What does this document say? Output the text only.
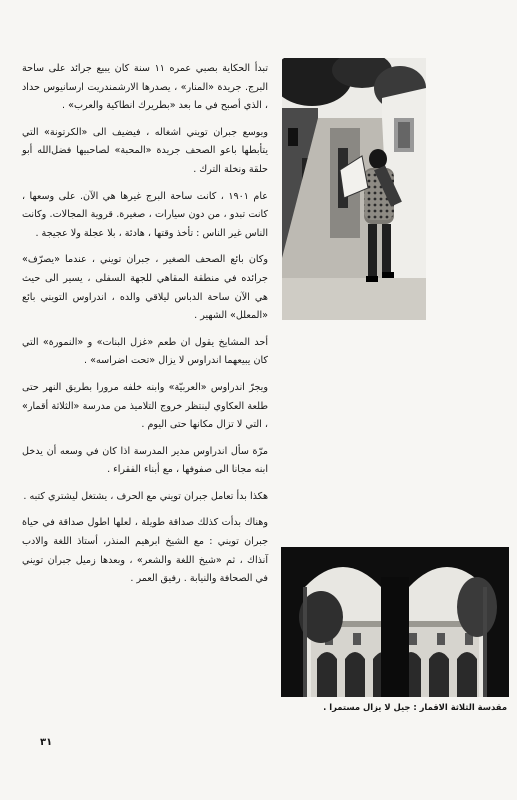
تبدأ الحكاية بصبي عمره ١١ سنة كان يبيع جرائد على ساحة البرج. جريدة «المنار» ، يصدرها الارشمندريت ارسانيوس حداد ، الذي أصبح في ما بعد «بطريرك انطاكية والعرب» .

ويوسع جبران تويني اشغاله ، فيضيف الى «الكرتونة» التي يتأبطها باعو الصحف جريدة «المحبة» لصاحبيها فضل‌الله أبو حلقة ونخلة الترك .

عام ١٩٠١ ، كانت ساحة البرج غيرها هي الآن. على وسعها ، كانت تبدو ، من دون سيارات ، صغيرة. قروية المجالات. وكانت الناس غير الناس : تأخذ وقتها ، هادئة ، بلا عجلة ولا عجيجة .

وكان بائع الصحف الصغير ، جبران تويني ، عندما «يصرّف» جرائده في منطقة المقاهي للجهة السفلى ، يسير الى حيث هي الآن ساحة الدباس ليلاقي والده ، اندراوس التويني بائع «المعلل» الشهير .

أحد المشايخ يقول ان طعم «غزل البنات» و «النمورة» التي كان يبيعهما اندراوس لا يزال «تحت اضراسه» .

ويجرّ اندراوس «العربيّة» وابنه خلفه مرورا بطريق النهر حتى طلعة العكاوي لينتظر خروج التلاميذ من مدرسة «الثلاثة أقمار» ، التي لا تزال مكانها حتى اليوم .

مرّة سأل اندراوس مدير المدرسة اذا كان في وسعه أن يدخل ابنه مجانا الى صفوفها ، مع أبناء الفقراء .

هكذا بدأ تعامل جبران تويني مع الحرف ، يشتغل ليشتري كتبه .

وهناك بدأت كذلك صداقة طويلة ، لعلها اطول صداقة في حياة جبران تويني : مع الشيخ ابرهيم المنذر، أستاذ اللغة والادب آنذاك ، ثم «شيخ اللغة والشعر» ، وبعدها زميل جبران تويني في الصحافة والنيابة . رفيق العمر .

مقدسة الثلاثة الاقمار : جيل لا يزال مستمرا .
٣١
